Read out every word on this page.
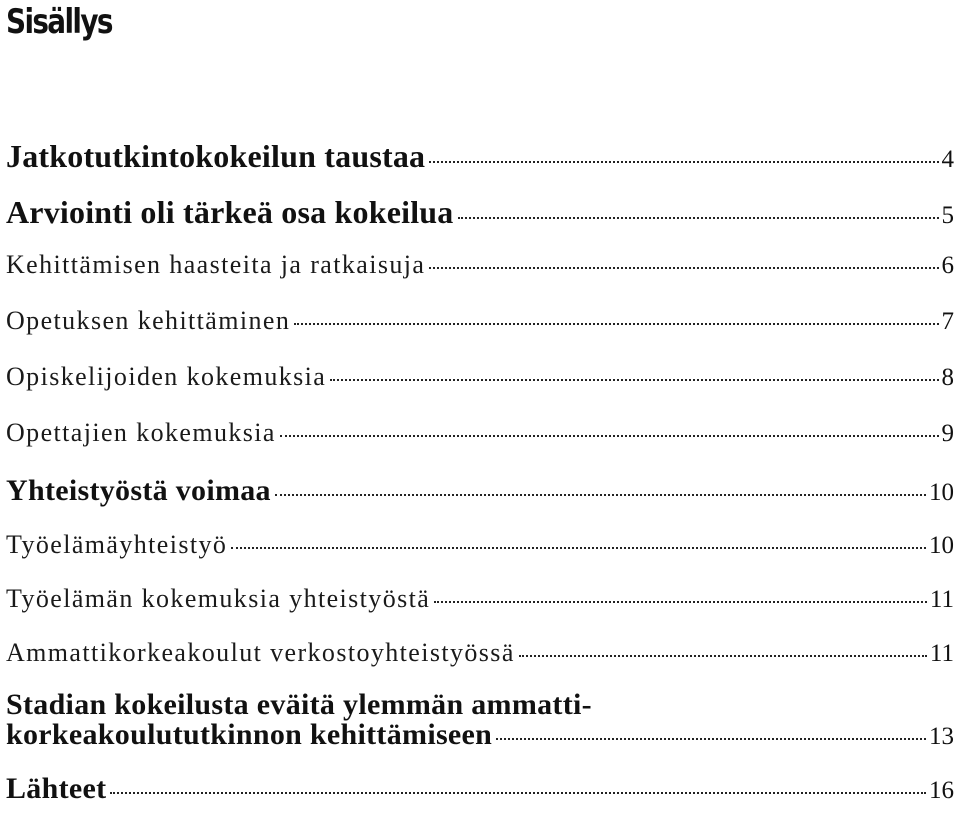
Sisällys
Jatkotutkintokokeilun taustaa	4
Arviointi oli tärkeä osa kokeilua	5
Kehittämisen haasteita ja ratkaisuja	6
Opetuksen kehittäminen	7
Opiskelijoiden kokemuksia	8
Opettajien kokemuksia	9
Yhteistyöstä voimaa	10
Työelämäyhteistyö	10
Työelämän kokemuksia yhteistyöstä	11
Ammattikorkeakoulut verkostoyhteistyössä	11
Stadian kokeilusta eväitä ylemmän ammatti-
korkeakoulututkinnon kehittämiseen	13
Lähteet	16
